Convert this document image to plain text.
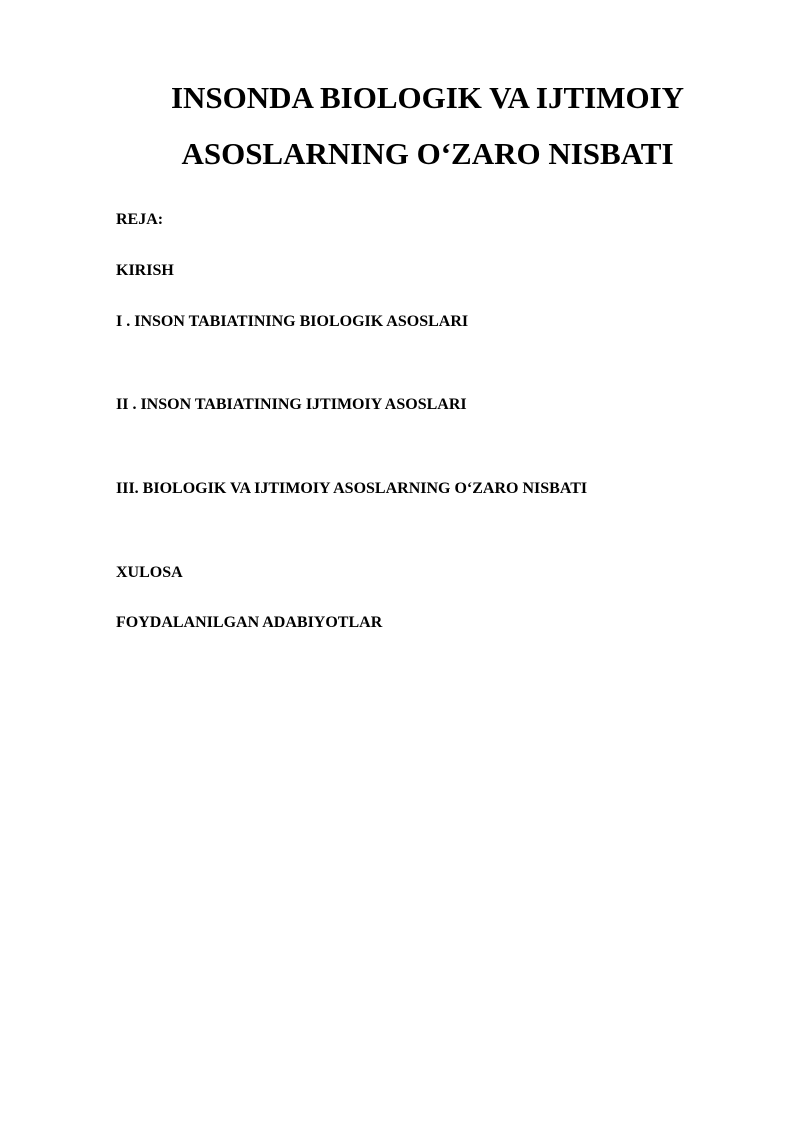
INSONDA BIOLOGIK VA IJTIMOIY
ASOSLARNING O‘ZARO NISBATI
REJA:
KIRISH
I . INSON TABIATINING BIOLOGIK ASOSLARI
II . INSON TABIATINING IJTIMOIY ASOSLARI
III. BIOLOGIK VA IJTIMOIY ASOSLARNING O‘ZARO NISBATI
XULOSA
FOYDALANILGAN ADABIYOTLAR
